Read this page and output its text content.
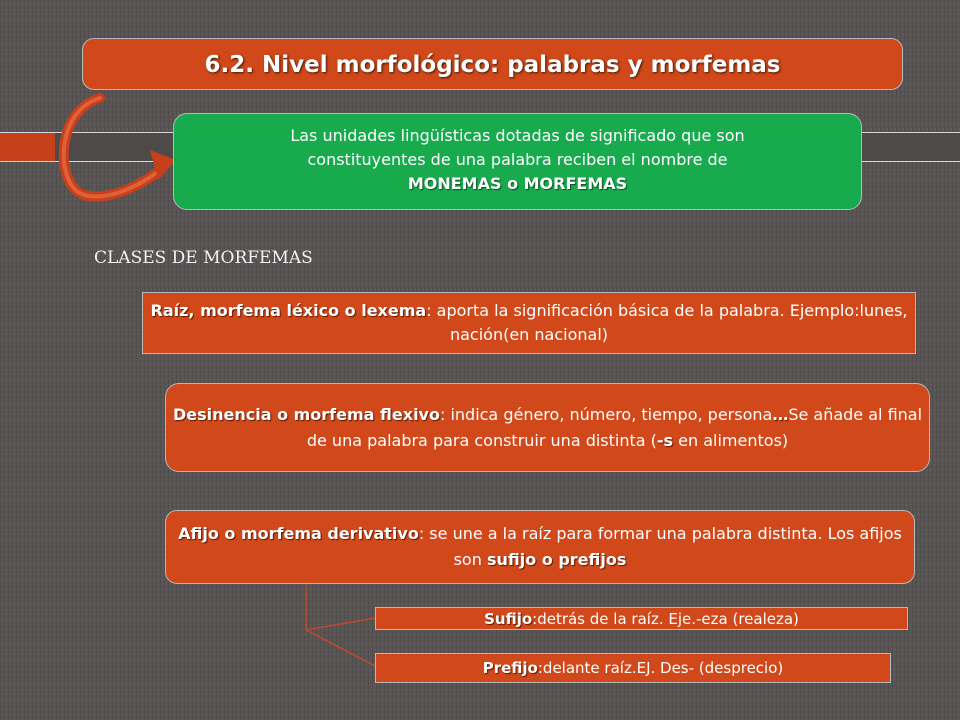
6.2. Nivel morfológico: palabras y morfemas
Las unidades lingüísticas dotadas de significado que son
constituyentes de una palabra reciben el nombre de
MONEMAS o MORFEMAS
CLASES DE MORFEMAS
Raíz, morfema léxico o lexema: aporta la significación básica de la palabra. Ejemplo:lunes, nación(en nacional)
Desinencia o morfema flexivo: indica género, número, tiempo, persona…Se añade al final de una palabra para construir una distinta (-s en alimentos)
Afijo o morfema derivativo: se une a la raíz para formar una palabra distinta. Los afijos son sufijo o prefijos
Sufijo:detrás de la raíz. Eje.-eza (realeza)
Prefijo:delante raíz.EJ. Des- (desprecio)
